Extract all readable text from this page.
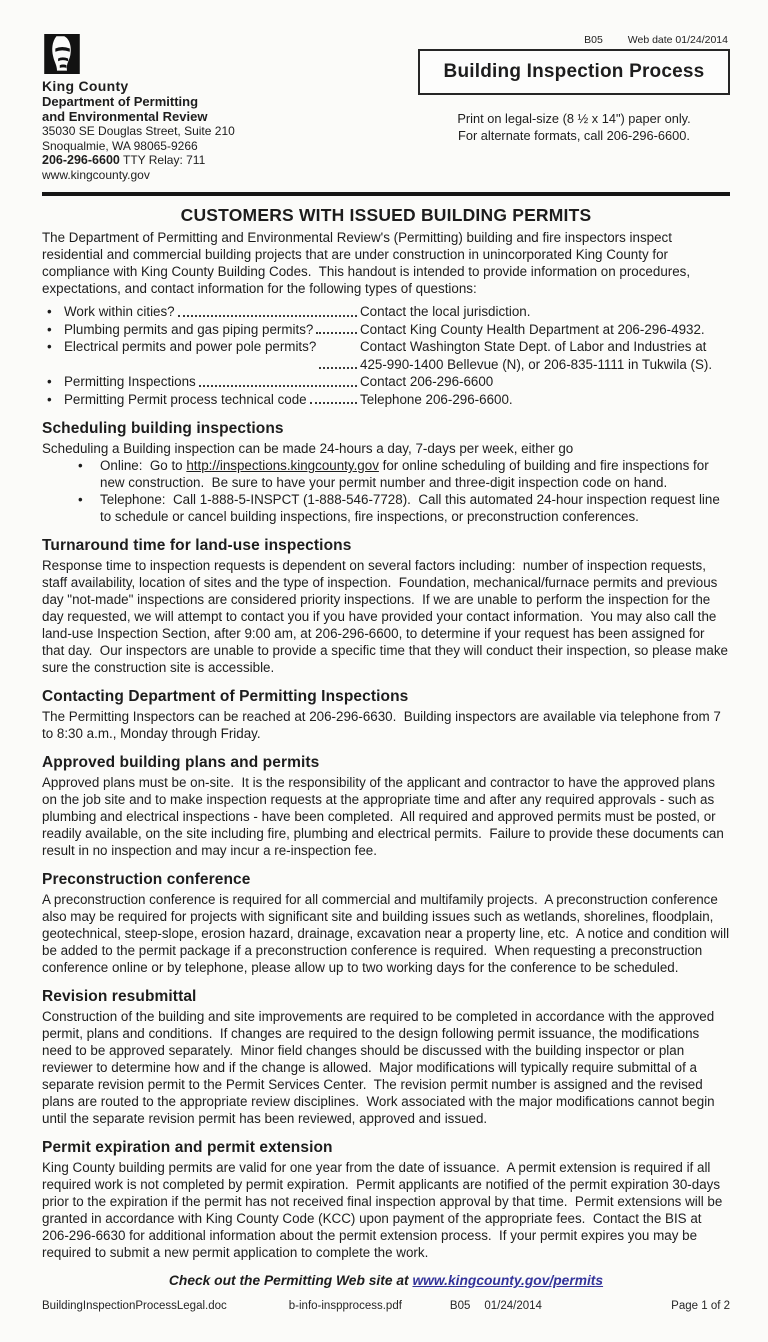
King County
Department of Permitting
and Environmental Review
35030 SE Douglas Street, Suite 210
Snoqualmie, WA 98065-9266
206-296-6600 TTY Relay: 711
www.kingcounty.gov
B05 Web date 01/24/2014
Building Inspection Process
Print on legal-size (8 ½ x 14") paper only.
For alternate formats, call 206-296-6600.
CUSTOMERS WITH ISSUED BUILDING PERMITS

The Department of Permitting and Environmental Review's (Permitting) building and fire inspectors inspect residential and commercial building projects that are under construction in unincorporated King County for compliance with King County Building Codes.  This handout is intended to provide information on procedures, expectations, and contact information for the following types of questions:

• Work within cities?	Contact the local jurisdiction.
• Plumbing permits and gas piping permits?	Contact King County Health Department at 206-296-4932.
• Electrical permits and power pole permits?	Contact Washington State Dept. of Labor and Industries at 425-990-1400 Bellevue (N), or 206-835-1111 in Tukwila (S).
• Permitting Inspections	Contact 206-296-6600
• Permitting Permit process technical code	Telephone 206-296-6600.
Scheduling building inspections

Scheduling a Building inspection can be made 24-hours a day, 7-days per week, either go

•	Online:  Go to http://inspections.kingcounty.gov for online scheduling of building and fire inspections for new construction.  Be sure to have your permit number and three-digit inspection code on hand.
•	Telephone:  Call 1-888-5-INSPCT (1-888-546-7728).  Call this automated 24-hour inspection request line to schedule or cancel building inspections, fire inspections, or preconstruction conferences.
Turnaround time for land-use inspections

Response time to inspection requests is dependent on several factors including:  number of inspection requests, staff availability, location of sites and the type of inspection.  Foundation, mechanical/furnace permits and previous day "not-made" inspections are considered priority inspections.  If we are unable to perform the inspection for the day requested, we will attempt to contact you if you have provided your contact information.  You may also call the land-use Inspection Section, after 9:00 am, at 206-296-6600, to determine if your request has been assigned for that day.  Our inspectors are unable to provide a specific time that they will conduct their inspection, so please make sure the construction site is accessible.

Contacting Department of Permitting Inspections

The Permitting Inspectors can be reached at 206-296-6630.  Building inspectors are available via telephone from 7 to 8:30 a.m., Monday through Friday.

Approved building plans and permits

Approved plans must be on-site.  It is the responsibility of the applicant and contractor to have the approved plans on the job site and to make inspection requests at the appropriate time and after any required approvals - such as plumbing and electrical inspections - have been completed.  All required and approved permits must be posted, or readily available, on the site including fire, plumbing and electrical permits.  Failure to provide these documents can result in no inspection and may incur a re-inspection fee.

Preconstruction conference

A preconstruction conference is required for all commercial and multifamily projects.  A preconstruction conference also may be required for projects with significant site and building issues such as wetlands, shorelines, floodplain, geotechnical, steep-slope, erosion hazard, drainage, excavation near a property line, etc.  A notice and condition will be added to the permit package if a preconstruction conference is required.  When requesting a preconstruction conference online or by telephone, please allow up to two working days for the conference to be scheduled.

Revision resubmittal

Construction of the building and site improvements are required to be completed in accordance with the approved permit, plans and conditions.  If changes are required to the design following permit issuance, the modifications need to be approved separately.  Minor field changes should be discussed with the building inspector or plan reviewer to determine how and if the change is allowed.  Major modifications will typically require submittal of a separate revision permit to the Permit Services Center.  The revision permit number is assigned and the revised plans are routed to the appropriate review disciplines.  Work associated with the major modifications cannot begin until the separate revision permit has been reviewed, approved and issued.

Permit expiration and permit extension

King County building permits are valid for one year from the date of issuance.  A permit extension is required if all required work is not completed by permit expiration.  Permit applicants are notified of the permit expiration 30-days prior to the expiration if the permit has not received final inspection approval by that time.  Permit extensions will be granted in accordance with King County Code (KCC) upon payment of the appropriate fees.  Contact the BIS at 206-296-6630 for additional information about the permit extension process.  If your permit expires you may be required to submit a new permit application to complete the work.

Check out the Permitting Web site at www.kingcounty.gov/permits
BuildingInspectionProcessLegal.doc	b-info-inspprocess.pdf	B05 01/24/2014	Page 1 of 2
